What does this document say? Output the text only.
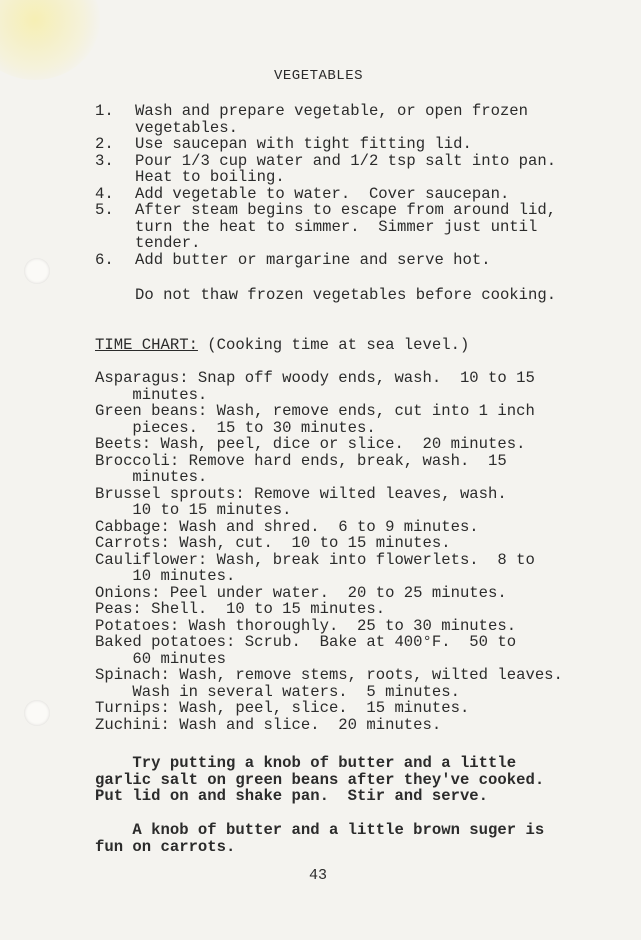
VEGETABLES
1. Wash and prepare vegetable, or open frozen
vegetables.
2. Use saucepan with tight fitting lid.
3. Pour 1/3 cup water and 1/2 tsp salt into pan.
Heat to boiling.
4. Add vegetable to water.  Cover saucepan.
5. After steam begins to escape from around lid,
turn the heat to simmer.  Simmer just until
tender.
6. Add butter or margarine and serve hot.
Do not thaw frozen vegetables before cooking.
TIME CHART: (Cooking time at sea level.)
Asparagus: Snap off woody ends, wash.  10 to 15
minutes.
Green beans: Wash, remove ends, cut into 1 inch
pieces.  15 to 30 minutes.
Beets: Wash, peel, dice or slice.  20 minutes.
Broccoli: Remove hard ends, break, wash.  15
minutes.
Brussel sprouts: Remove wilted leaves, wash.
10 to 15 minutes.
Cabbage: Wash and shred.  6 to 9 minutes.
Carrots: Wash, cut.  10 to 15 minutes.
Cauliflower: Wash, break into flowerlets.  8 to
10 minutes.
Onions: Peel under water.  20 to 25 minutes.
Peas: Shell.  10 to 15 minutes.
Potatoes: Wash thoroughly.  25 to 30 minutes.
Baked potatoes: Scrub.  Bake at 400°F.  50 to
60 minutes
Spinach: Wash, remove stems, roots, wilted leaves.
Wash in several waters.  5 minutes.
Turnips: Wash, peel, slice.  15 minutes.
Zuchini: Wash and slice.  20 minutes.
Try putting a knob of butter and a little
garlic salt on green beans after they've cooked.
Put lid on and shake pan.  Stir and serve.
A knob of butter and a little brown suger is
fun on carrots.
43
